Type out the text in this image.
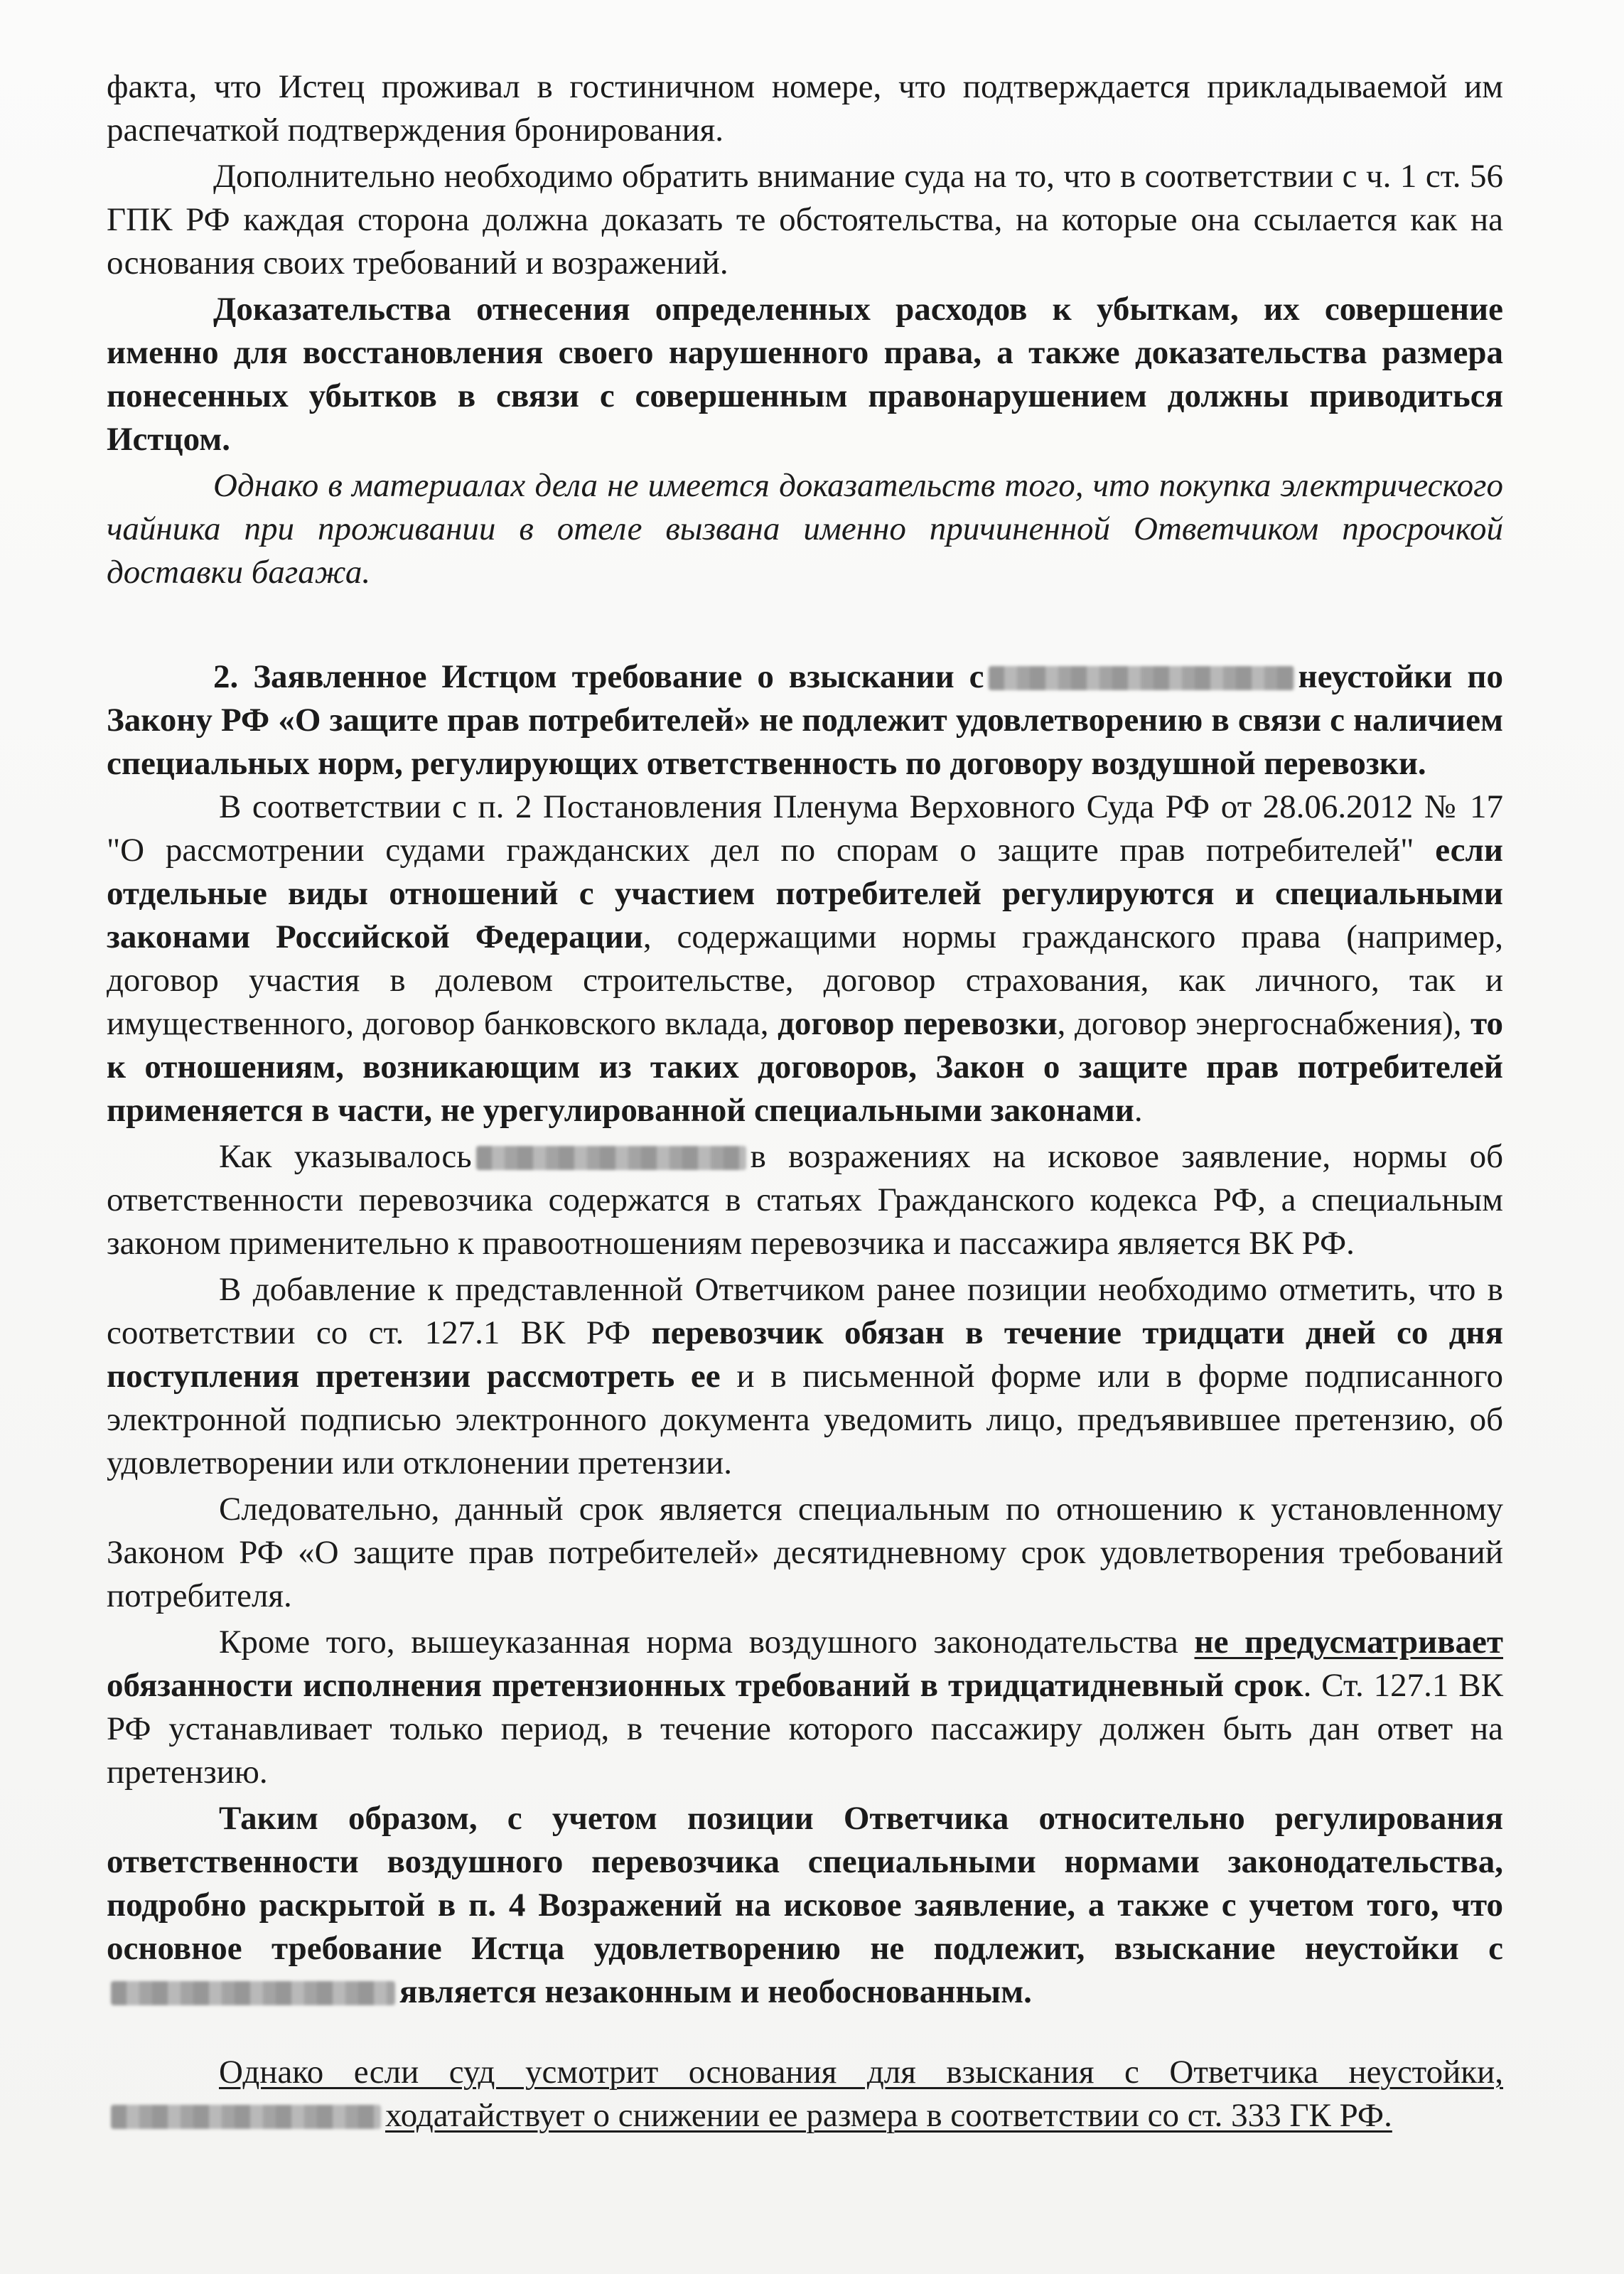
факта, что Истец проживал в гостиничном номере, что подтверждается прикладываемой им распечаткой подтверждения бронирования.

Дополнительно необходимо обратить внимание суда на то, что в соответствии с ч. 1 ст. 56 ГПК РФ каждая сторона должна доказать те обстоятельства, на которые она ссылается как на основания своих требований и возражений.

Доказательства отнесения определенных расходов к убыткам, их совершение именно для восстановления своего нарушенного права, а также доказательства размера понесенных убытков в связи с совершенным правонарушением должны приводиться Истцом.

Однако в материалах дела не имеется доказательств того, что покупка электрического чайника при проживании в отеле вызвана именно причиненной Ответчиком просрочкой доставки багажа.

2. Заявленное Истцом требование о взыскании с	неустойки по Закону РФ «О защите прав потребителей» не подлежит удовлетворению в связи с наличием специальных норм, регулирующих ответственность по договору воздушной перевозки.

В соответствии с п. 2 Постановления Пленума Верховного Суда РФ от 28.06.2012 № 17 "О рассмотрении судами гражданских дел по спорам о защите прав потребителей" если отдельные виды отношений с участием потребителей регулируются и специальными законами Российской Федерации, содержащими нормы гражданского права (например, договор участия в долевом строительстве, договор страхования, как личного, так и имущественного, договор банковского вклада, договор перевозки, договор энергоснабжения), то к отношениям, возникающим из таких договоров, Закон о защите прав потребителей применяется в части, не урегулированной специальными законами.

Как указывалось	в возражениях на исковое заявление, нормы об ответственности перевозчика содержатся в статьях Гражданского кодекса РФ, а специальным законом применительно к правоотношениям перевозчика и пассажира является ВК РФ.

В добавление к представленной Ответчиком ранее позиции необходимо отметить, что в соответствии со ст. 127.1 ВК РФ перевозчик обязан в течение тридцати дней со дня поступления претензии рассмотреть ее и в письменной форме или в форме подписанного электронной подписью электронного документа уведомить лицо, предъявившее претензию, об удовлетворении или отклонении претензии.

Следовательно, данный срок является специальным по отношению к установленному Законом РФ «О защите прав потребителей» десятидневному срок удовлетворения требований потребителя.

Кроме того, вышеуказанная норма воздушного законодательства не предусматривает обязанности исполнения претензионных требований в тридцатидневный срок. Ст. 127.1 ВК РФ устанавливает только период, в течение которого пассажиру должен быть дан ответ на претензию.

Таким образом, с учетом позиции Ответчика относительно регулирования ответственности воздушного перевозчика специальными нормами законодательства, подробно раскрытой в п. 4 Возражений на исковое заявление, а также с учетом того, что основное требование Истца удовлетворению не подлежит, взыскание неустойки сявляется незаконным и необоснованным.

Однако если суд усмотрит основания для взыскания с Ответчика неустойки, ходатайствует о снижении ее размера в соответствии со ст. 333 ГК РФ.
